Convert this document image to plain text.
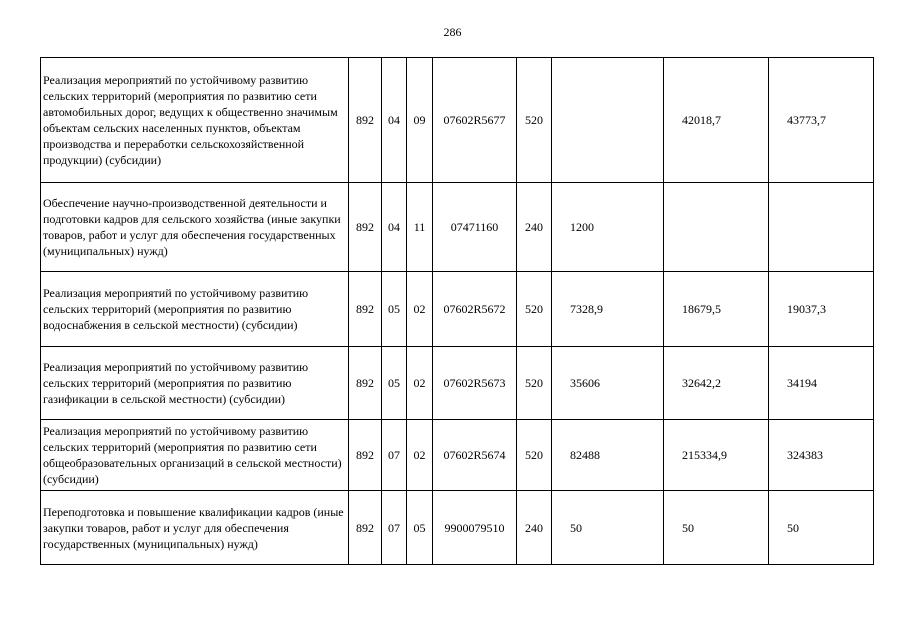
286
Реализация мероприятий по устойчивому развитию сельских территорий (мероприятия по развитию сети автомобильных дорог, ведущих к общественно значимым объектам сельских населенных пунктов, объектам производства и переработки сельскохозяйственной продукции) (субсидии)	892	04	09	07602R5677	520		42018,7	43773,7
Обеспечение научно-производственной деятельности и подготовки кадров для сельского хозяйства (иные закупки товаров, работ и услуг для обеспечения государственных (муниципальных) нужд)	892	04	11	07471160	240	1200		
Реализация мероприятий по устойчивому развитию сельских территорий (мероприятия по развитию водоснабжения в сельской местности) (субсидии)	892	05	02	07602R5672	520	7328,9	18679,5	19037,3
Реализация мероприятий по устойчивому развитию сельских территорий (мероприятия по развитию газификации в сельской местности) (субсидии)	892	05	02	07602R5673	520	35606	32642,2	34194
Реализация мероприятий по устойчивому развитию сельских территорий (мероприятия по развитию сети общеобразовательных организаций в сельской местности) (субсидии)	892	07	02	07602R5674	520	82488	215334,9	324383
Переподготовка и повышение квалификации кадров (иные закупки товаров, работ и услуг для обеспечения государственных (муниципальных) нужд)	892	07	05	9900079510	240	50	50	50
